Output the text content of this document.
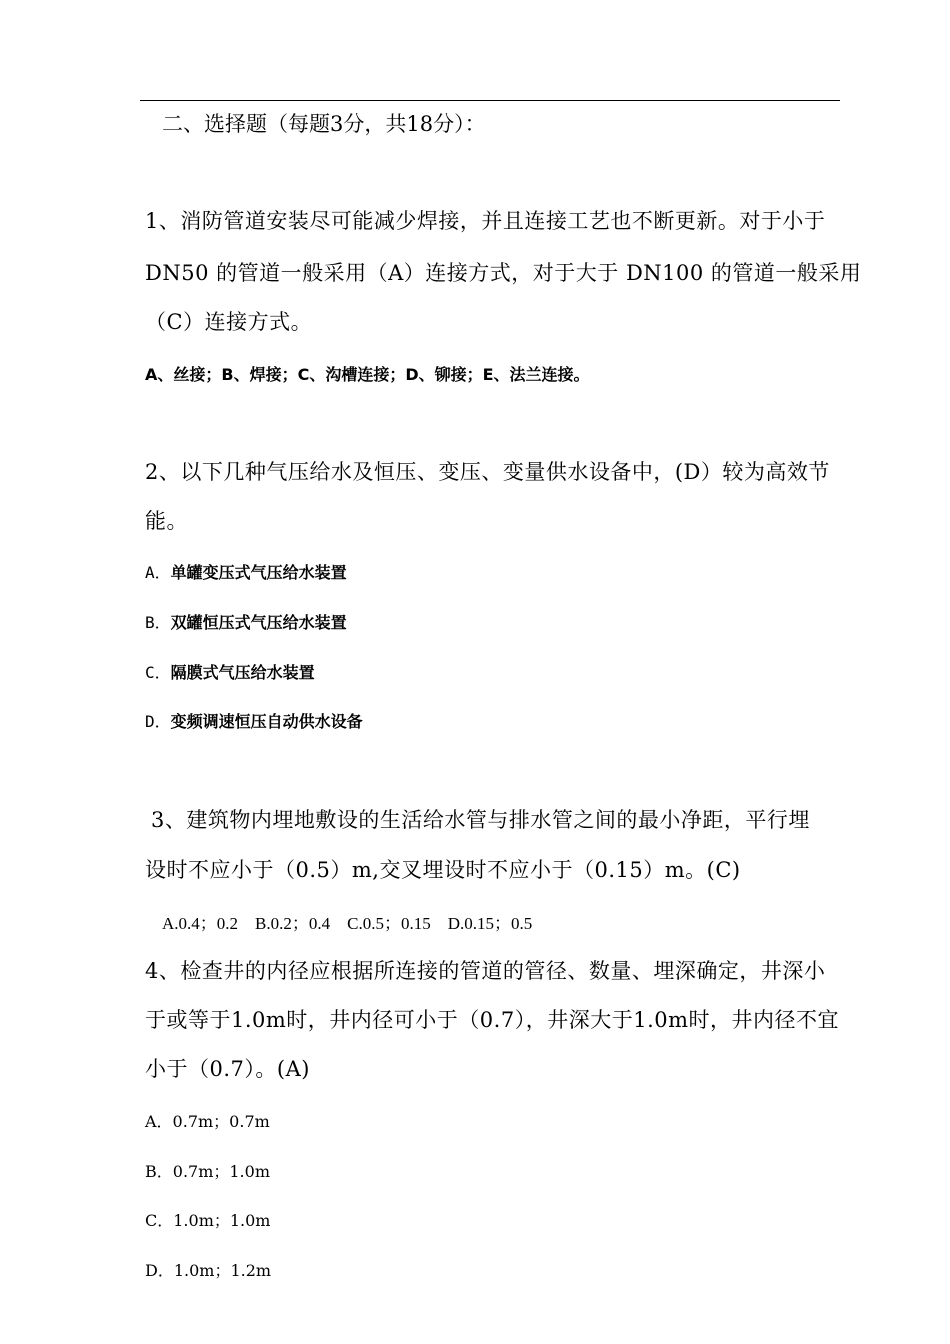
二、选择题（每题3分，共18分）：
1、消防管道安装尽可能减少焊接，并且连接工艺也不断更新。对于小于
DN50 的管道一般采用（A）连接方式，对于大于 DN100 的管道一般采用
（C）连接方式。
A、丝接；B、焊接；C、沟槽连接；D、铆接；E、法兰连接。
2、以下几种气压给水及恒压、变压、变量供水设备中，(D）较为高效节
能。
A．单罐变压式气压给水装置
B．双罐恒压式气压给水装置
C．隔膜式气压给水装置
D．变频调速恒压自动供水设备
3、建筑物内埋地敷设的生活给水管与排水管之间的最小净距，平行埋
设时不应小于（0.5）m,交叉埋设时不应小于（0.15）m。(C)
A.0.4；0.2　B.0.2；0.4　C.0.5；0.15　D.0.15；0.5
4、检查井的内径应根据所连接的管道的管径、数量、埋深确定，井深小
于或等于1.0m时，井内径可小于（0.7），井深大于1.0m时，井内径不宜
小于（0.7）。(A)
A．0.7m；0.7m
B．0.7m；1.0m
C．1.0m；1.0m
D．1.0m；1.2m
